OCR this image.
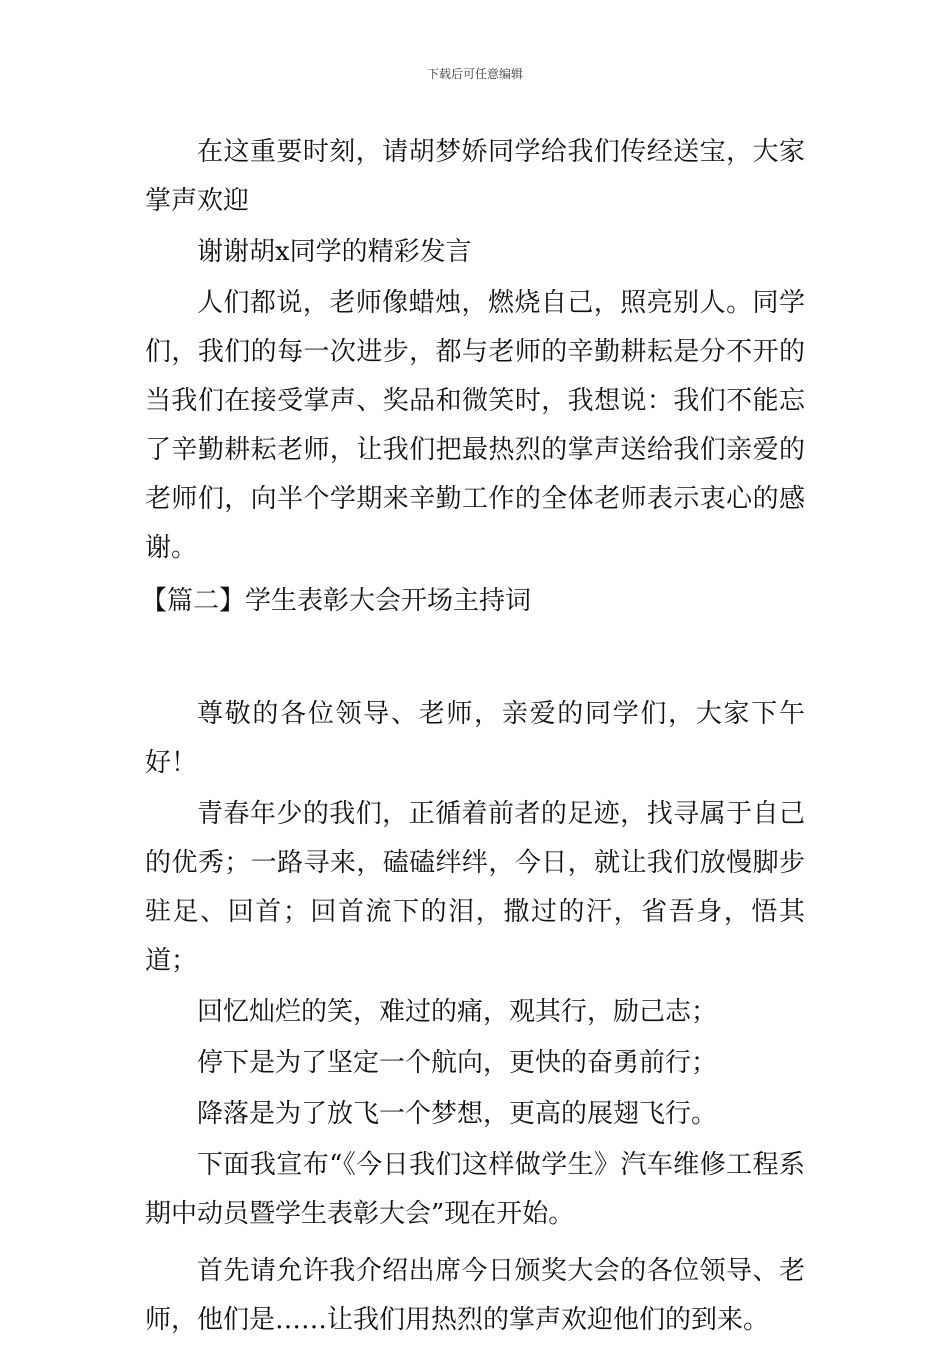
下载后可任意编辑

在这重要时刻，请胡梦娇同学给我们传经送宝，大家掌声欢迎

谢谢胡x同学的精彩发言

人们都说，老师像蜡烛，燃烧自己，照亮别人。同学们，我们的每一次进步，都与老师的辛勤耕耘是分不开的当我们在接受掌声、奖品和微笑时，我想说：我们不能忘了辛勤耕耘老师，让我们把最热烈的掌声送给我们亲爱的老师们，向半个学期来辛勤工作的全体老师表示衷心的感谢。

【篇二】学生表彰大会开场主持词

尊敬的各位领导、老师，亲爱的同学们，大家下午好！

青春年少的我们，正循着前者的足迹，找寻属于自己的优秀；一路寻来，磕磕绊绊，今日，就让我们放慢脚步驻足、回首；回首流下的泪，撒过的汗，省吾身，悟其道；

回忆灿烂的笑，难过的痛，观其行，励己志；

停下是为了坚定一个航向，更快的奋勇前行；

降落是为了放飞一个梦想，更高的展翅飞行。

下面我宣布“《今日我们这样做学生》汽车维修工程系期中动员暨学生表彰大会”现在开始。

首先请允许我介绍出席今日颁奖大会的各位领导、老师，他们是……让我们用热烈的掌声欢迎他们的到来。
